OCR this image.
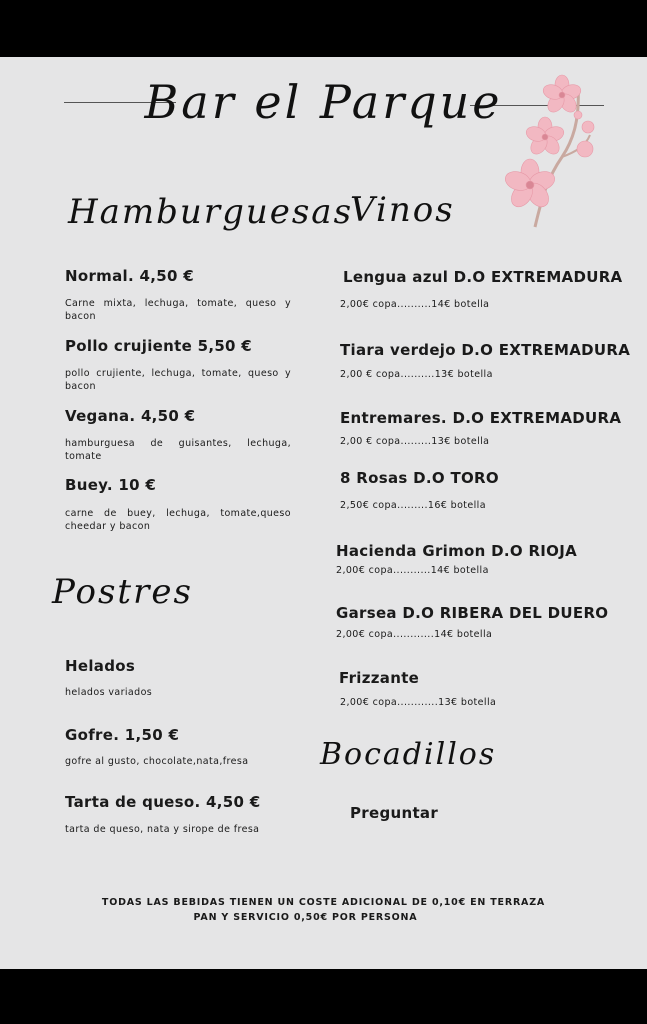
Bar el Parque
Hamburguesas
Normal. 4,50 €
Carne mixta, lechuga, tomate, queso y bacon
Pollo crujiente 5,50 €
pollo crujiente, lechuga, tomate, queso y bacon
Vegana. 4,50 €
hamburguesa de guisantes, lechuga, tomate
Buey. 10 €
carne de buey, lechuga, tomate,queso cheedar y bacon
Postres
Helados
helados variados
Gofre. 1,50 €
gofre al gusto, chocolate,nata,fresa
Tarta de queso. 4,50 €
tarta de queso, nata y sirope de fresa
Vinos
Lengua azul D.O EXTREMADURA
2,00€ copa..........14€ botella
Tiara verdejo D.O EXTREMADURA
2,00 € copa..........13€ botella
Entremares. D.O EXTREMADURA
2,00 € copa.........13€ botella
8 Rosas D.O TORO
2,50€ copa.........16€ botella
Hacienda Grimon D.O RIOJA
2,00€ copa...........14€ botella
Garsea D.O RIBERA DEL DUERO
2,00€ copa............14€ botella
Frizzante
2,00€ copa............13€ botella
Bocadillos
Preguntar
TODAS LAS BEBIDAS TIENEN UN COSTE ADICIONAL DE 0,10€ EN TERRAZA
PAN Y SERVICIO 0,50€ POR PERSONA
